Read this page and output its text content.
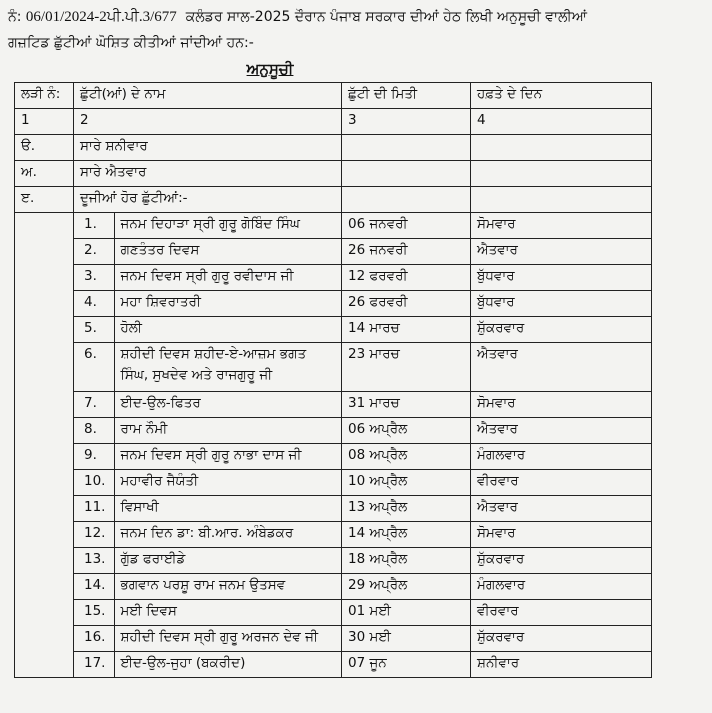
ਨੰ: 06/01/2024-2ਪੀ.ਪੀ.3/677 ਕਲੰਡਰ ਸਾਲ-2025 ਦੌਰਾਨ ਪੰਜਾਬ ਸਰਕਾਰ ਦੀਆਂ ਹੇਠ ਲਿਖੀ ਅਨੁਸੂਚੀ ਵਾਲੀਆਂ
ਗਜ਼ਟਿਡ ਛੁੱਟੀਆਂ ਘੋਸ਼ਿਤ ਕੀਤੀਆਂ ਜਾਂਦੀਆਂ ਹਨ:-
ਅਨੁਸੂਚੀ
ਲੜੀ ਨੰ:	ਛੁੱਟੀ(ਆਂ) ਦੇ ਨਾਮ		ਛੁੱਟੀ ਦੀ ਮਿਤੀ	ਹਫ਼ਤੇ ਦੇ ਦਿਨ
1	2		3	4
ੳ.	ਸਾਰੇ ਸ਼ਨੀਵਾਰ			
ਅ.	ਸਾਰੇ ਐਤਵਾਰ			
ੲ.	ਦੂਜੀਆਂ ਹੋਰ ਛੁੱਟੀਆਂ:-			
	1.	ਜਨਮ ਦਿਹਾੜਾ ਸ੍ਰੀ ਗੁਰੂ ਗੋਬਿੰਦ ਸਿੰਘ	06 ਜਨਵਰੀ	ਸੋਮਵਾਰ
	2.	ਗਣਤੰਤਰ ਦਿਵਸ	26 ਜਨਵਰੀ	ਐਤਵਾਰ
	3.	ਜਨਮ ਦਿਵਸ ਸ੍ਰੀ ਗੁਰੂ ਰਵੀਦਾਸ ਜੀ	12 ਫਰਵਰੀ	ਬੁੱਧਵਾਰ
	4.	ਮਹਾ ਸ਼ਿਵਰਾਤਰੀ	26 ਫਰਵਰੀ	ਬੁੱਧਵਾਰ
	5.	ਹੋਲੀ	14 ਮਾਰਚ	ਸ਼ੁੱਕਰਵਾਰ
	6.	ਸ਼ਹੀਦੀ ਦਿਵਸ ਸ਼ਹੀਦ-ਏ-ਆਜ਼ਮ ਭਗਤ ਸਿੰਘ, ਸੁਖਦੇਵ ਅਤੇ ਰਾਜਗੁਰੂ ਜੀ	23 ਮਾਰਚ	ਐਤਵਾਰ
	7.	ਈਦ-ਉਲ-ਫਿਤਰ	31 ਮਾਰਚ	ਸੋਮਵਾਰ
	8.	ਰਾਮ ਨੌਮੀ	06 ਅਪ੍ਰੈਲ	ਐਤਵਾਰ
	9.	ਜਨਮ ਦਿਵਸ ਸ੍ਰੀ ਗੁਰੂ ਨਾਭਾ ਦਾਸ ਜੀ	08 ਅਪ੍ਰੈਲ	ਮੰਗਲਵਾਰ
	10.	ਮਹਾਵੀਰ ਜੈਯੰਤੀ	10 ਅਪ੍ਰੈਲ	ਵੀਰਵਾਰ
	11.	ਵਿਸਾਖੀ	13 ਅਪ੍ਰੈਲ	ਐਤਵਾਰ
	12.	ਜਨਮ ਦਿਨ ਡਾ: ਬੀ.ਆਰ. ਅੰਬੇਡਕਰ	14 ਅਪ੍ਰੈਲ	ਸੋਮਵਾਰ
	13.	ਗੁੱਡ ਫਰਾਈਡੇ	18 ਅਪ੍ਰੈਲ	ਸ਼ੁੱਕਰਵਾਰ
	14.	ਭਗਵਾਨ ਪਰਸ਼ੂ ਰਾਮ ਜਨਮ ਉਤਸਵ	29 ਅਪ੍ਰੈਲ	ਮੰਗਲਵਾਰ
	15.	ਮਈ ਦਿਵਸ	01 ਮਈ	ਵੀਰਵਾਰ
	16.	ਸ਼ਹੀਦੀ ਦਿਵਸ ਸ੍ਰੀ ਗੁਰੂ ਅਰਜਨ ਦੇਵ ਜੀ	30 ਮਈ	ਸ਼ੁੱਕਰਵਾਰ
	17.	ਈਦ-ਉਲ-ਜੁਹਾ (ਬਕਰੀਦ)	07 ਜੂਨ	ਸ਼ਨੀਵਾਰ
